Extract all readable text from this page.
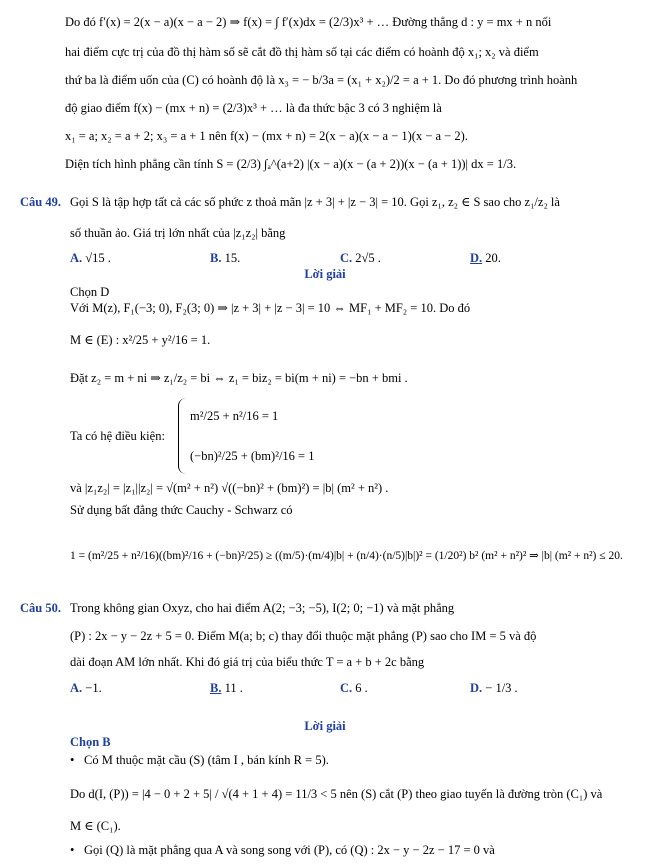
Do đó f′(x) = 2(x − a)(x − a − 2) ⇒ f(x) = ∫ f′(x)dx = (2/3)x³ + … Đường thẳng d : y = mx + n nối
hai điểm cực trị của đồ thị hàm số sẽ cắt đồ thị hàm số tại các điểm có hoành độ x₁; x₂ và điểm
thứ ba là điểm uốn của (C) có hoành độ là x₃ = − b/3a = (x₁ + x₂)/2 = a + 1. Do đó phương trình hoành
độ giao điểm f(x) − (mx + n) = (2/3)x³ + … là đa thức bậc 3 có 3 nghiệm là
x₁ = a; x₂ = a + 2; x₃ = a + 1 nên f(x) − (mx + n) = 2(x − a)(x − a − 1)(x − a − 2).
Diện tích hình phẳng cần tính S = (2/3) ∫ₐ^(a+2) |(x − a)(x − (a + 2))(x − (a + 1))| dx = 1/3.
Câu 49. Gọi S là tập hợp tất cả các số phức z thoả mãn |z + 3| + |z − 3| = 10. Gọi z₁, z₂ ∈ S sao cho z₁/z₂ là
số thuần ảo. Giá trị lớn nhất của |z₁z₂| bằng
A. √15 .	B. 15.	C. 2√5 .	D. 20.
Lời giải
Chọn D
Với M(z), F₁(−3; 0), F₂(3; 0) ⇒ |z + 3| + |z − 3| = 10 ⇔ MF₁ + MF₂ = 10. Do đó
M ∈ (E) : x²/25 + y²/16 = 1.
Đặt z₂ = m + ni ⇒ z₁/z₂ = bi ⇔ z₁ = biz₂ = bi(m + ni) = −bn + bmi .
Ta có hệ điều kiện:
m²/25 + n²/16 = 1
(−bn)²/25 + (bm)²/16 = 1
và |z₁z₂| = |z₁||z₂| = √(m² + n²) √((−bn)² + (bm)²) = |b| (m² + n²) .
Sử dụng bất đẳng thức Cauchy - Schwarz có
1 = (m²/25 + n²/16)((bm)²/16 + (−bn)²/25) ≥ ((m/5)·(m/4)|b| + (n/4)·(n/5)|b|)² = (1/20²) b² (m² + n²)² ⇒ |b| (m² + n²) ≤ 20.
Câu 50. Trong không gian Oxyz, cho hai điểm A(2; −3; −5), I(2; 0; −1) và mặt phẳng
(P) : 2x − y − 2z + 5 = 0. Điểm M(a; b; c) thay đổi thuộc mặt phẳng (P) sao cho IM = 5 và độ
dài đoạn AM lớn nhất. Khi đó giá trị của biểu thức T = a + b + 2c bằng
A. −1.	B. 11 .	C. 6 .	D. − 1/3 .
Lời giải
Chọn B
• Có M thuộc mặt cầu (S) (tâm I , bán kính R = 5).
Do d(I, (P)) = |4 − 0 + 2 + 5| / √(4 + 1 + 4) = 11/3 < 5 nên (S) cắt (P) theo giao tuyến là đường tròn (C₁) và
M ∈ (C₁).
• Gọi (Q) là mặt phẳng qua A và song song với (P), có (Q) : 2x − y − 2z − 17 = 0 và
